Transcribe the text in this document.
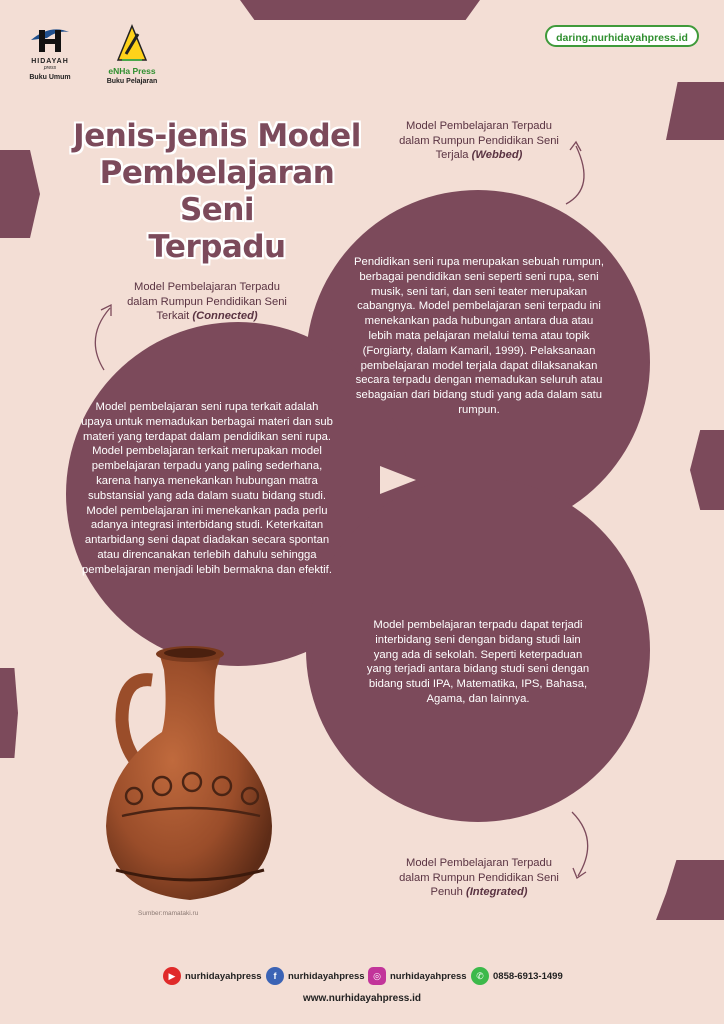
HIDAYAH
press
Buku Umum
eNHa Press
Buku Pelajaran
daring.nurhidayahpress.id
Jenis-jenis Model
Pembelajaran Seni
Terpadu	Pendidikan seni rupa merupakan sebuah rumpun, berbagai pendidikan seni seperti seni rupa, seni musik, seni tari, dan seni teater merupakan cabangnya. Model pembelajaran seni terpadu ini menekankan pada hubungan antara dua atau lebih mata pelajaran melalui tema atau topik (Forgiarty, dalam Kamaril, 1999). Pelaksanaan pembelajaran model terjala dapat dilaksanakan secara terpadu dengan memadukan seluruh atau sebagaian dari bidang studi yang ada dalam satu rumpun.
Model pembelajaran seni rupa terkait adalah upaya untuk memadukan berbagai materi dan sub materi yang terdapat dalam pendidikan seni rupa. Model pembelajaran terkait merupakan model pembelajaran terpadu yang paling sederhana, karena hanya menekankan hubungan matra substansial yang ada dalam suatu bidang studi. Model pembelajaran ini menekankan pada perlu adanya integrasi interbidang studi. Keterkaitan antarbidang seni dapat diadakan secara spontan atau direncanakan terlebih dahulu sehingga pembelajaran menjadi lebih bermakna dan efektif.
Model pembelajaran terpadu dapat terjadi interbidang seni dengan bidang studi lain yang ada di sekolah. Seperti keterpaduan yang terjadi antara bidang studi seni dengan bidang studi IPA, Matematika, IPS, Bahasa, Agama, dan lainnya.
Model Pembelajaran Terpadu dalam Rumpun Pendidikan Seni Terjala (Webbed)
Model Pembelajaran Terpadu dalam Rumpun Pendidikan Seni Terkait (Connected)
Model Pembelajaran Terpadu dalam Rumpun Pendidikan Seni Penuh (Integrated)
Sumber:mamataki.ru
▶	nurhidayahpress	f	nurhidayahpress ◎ nurhidayahpress	✆ 0858-6913-1499
www.nurhidayahpress.id
